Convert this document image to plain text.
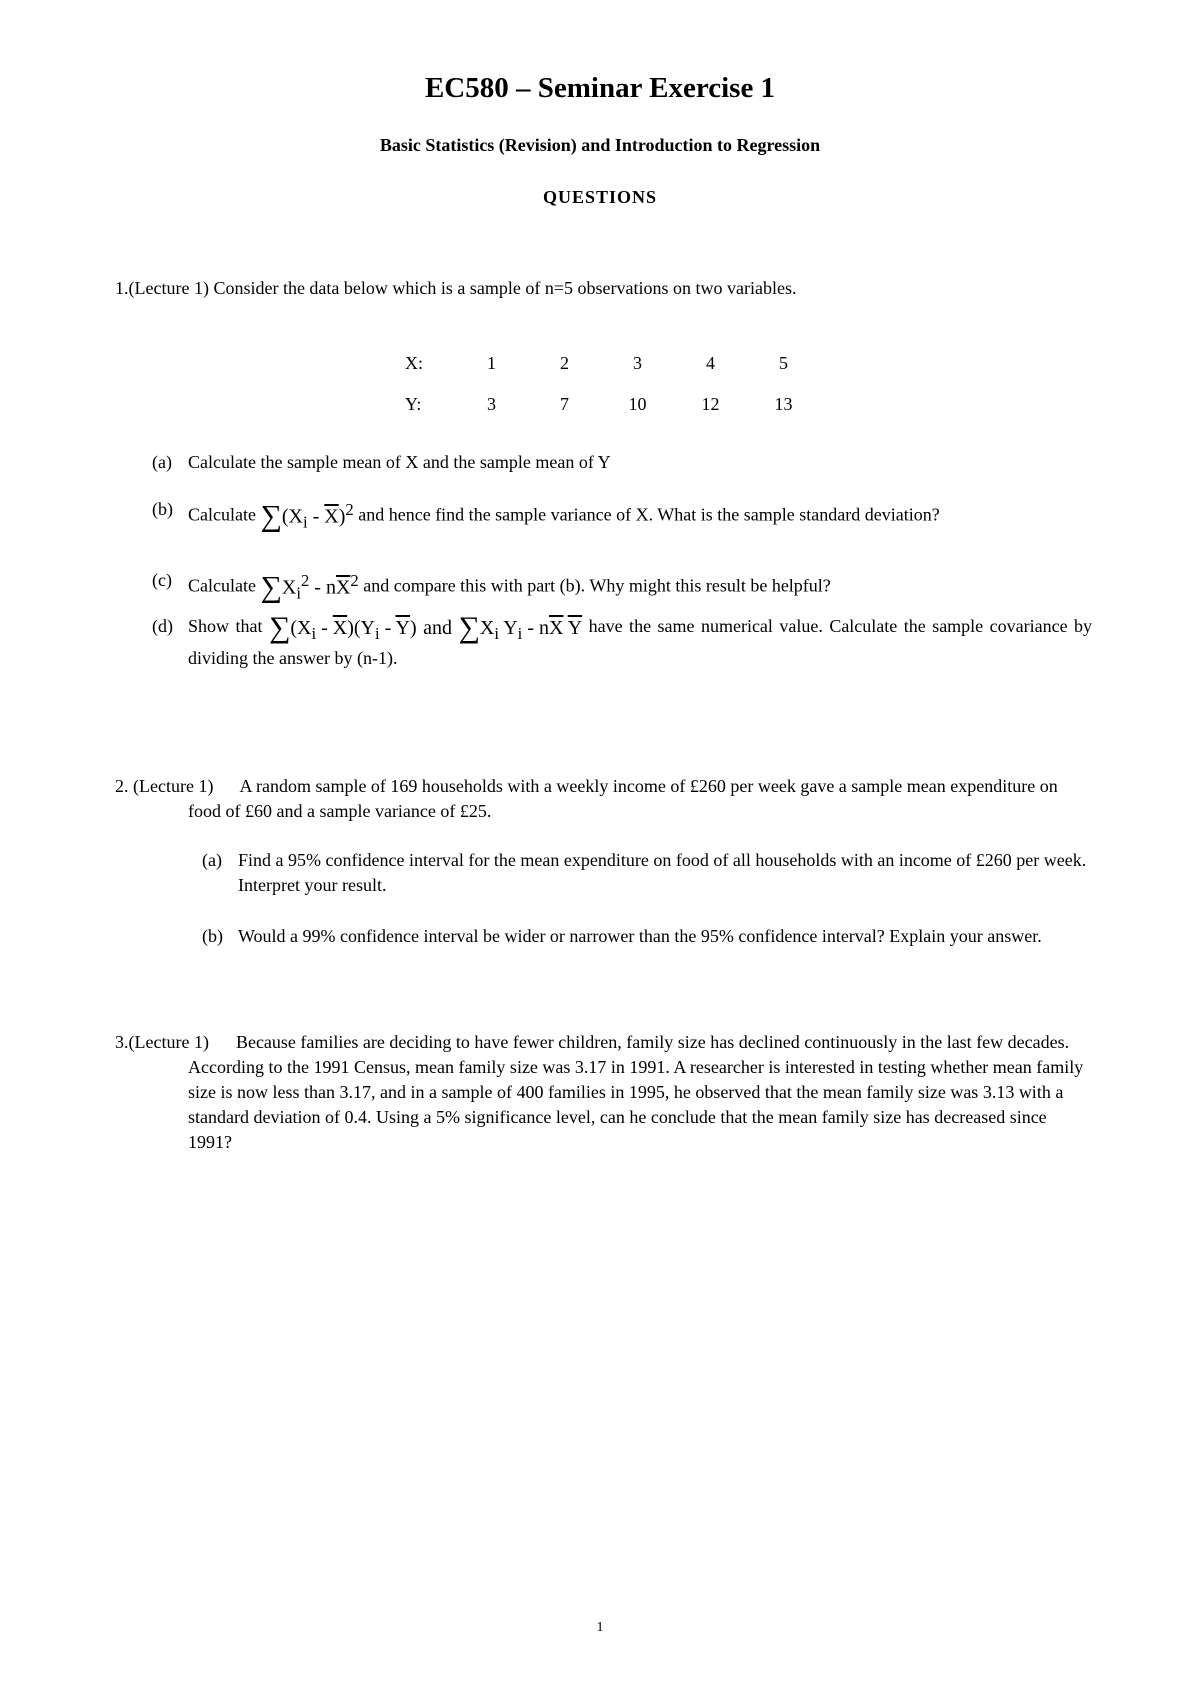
EC580 – Seminar Exercise 1
Basic Statistics (Revision) and Introduction to Regression
QUESTIONS
1.(Lecture 1) Consider the data below which is a sample of n=5 observations on two variables.
X:	1	2	3	4	5
Y:	3	7	10	12	13
(a) Calculate the sample mean of X and the sample mean of Y
(b) Calculate $\sum(X_i - \overline{X})^2$ and hence find the sample variance of X. What is the sample standard deviation?

(c) Calculate $\sum X_i^2 - n\overline{X}^2$ and compare this with part (b). Why might this result be helpful?
(d) Show that $\sum(X_i - \overline{X})(Y_i - \overline{Y})$ and $\sum X_i$ $Y_i - n\overline{X}$ $\overline{Y}$ have the same numerical value. Calculate the sample covariance by dividing the answer by (n-1).

2. (Lecture 1)      A random sample of 169 households with a weekly income of £260 per week gave a sample mean expenditure on food of £60 and a sample variance of £25.

(a) Find a 95% confidence interval for the mean expenditure on food of all households with an income of £260 per week. Interpret your result.
(b) Would a 99% confidence interval be wider or narrower than the 95% confidence interval? Explain your answer.

3.(Lecture 1)      Because families are deciding to have fewer children, family size has declined continuously in the last few decades. According to the 1991 Census, mean family size was 3.17 in 1991. A researcher is interested in testing whether mean family size is now less than 3.17, and in a sample of 400 families in 1995, he observed that the mean family size was 3.13 with a standard deviation of 0.4. Using a 5% significance level, can he conclude that the mean family size has decreased since 1991?

1
